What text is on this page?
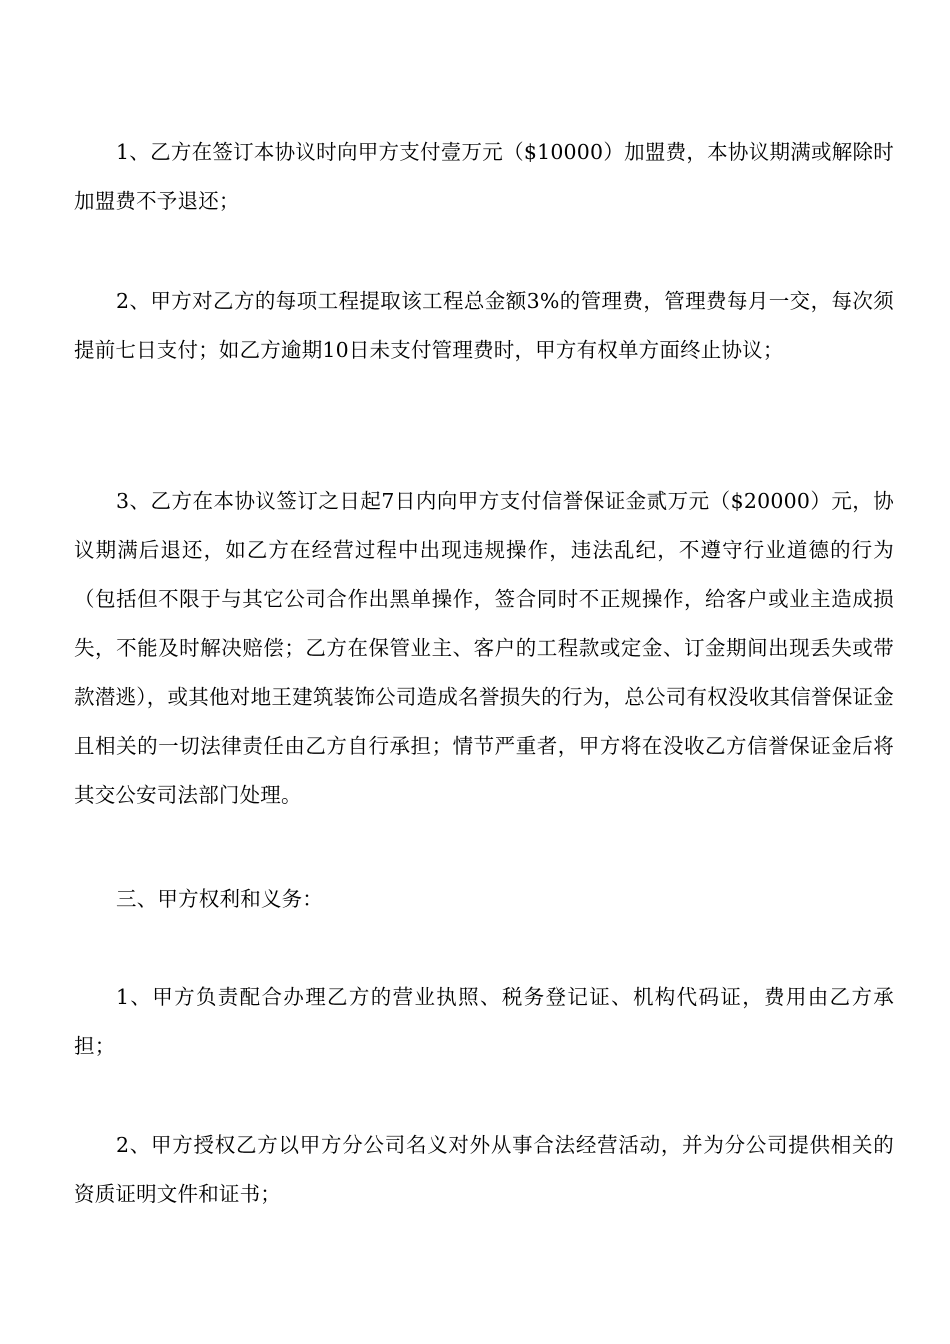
1、乙方在签订本协议时向甲方支付壹万元（$10000）加盟费，本协议期满或解除时加盟费不予退还；

2、甲方对乙方的每项工程提取该工程总金额3%的管理费，管理费每月一交，每次须提前七日支付；如乙方逾期10日未支付管理费时，甲方有权单方面终止协议；

3、乙方在本协议签订之日起7日内向甲方支付信誉保证金贰万元（$20000）元，协议期满后退还，如乙方在经营过程中出现违规操作，违法乱纪，不遵守行业道德的行为（包括但不限于与其它公司合作出黑单操作，签合同时不正规操作，给客户或业主造成损失，不能及时解决赔偿；乙方在保管业主、客户的工程款或定金、订金期间出现丢失或带款潜逃），或其他对地王建筑装饰公司造成名誉损失的行为，总公司有权没收其信誉保证金且相关的一切法律责任由乙方自行承担；情节严重者，甲方将在没收乙方信誉保证金后将其交公安司法部门处理。

三、甲方权利和义务：

1、甲方负责配合办理乙方的营业执照、税务登记证、机构代码证，费用由乙方承担；

2、甲方授权乙方以甲方分公司名义对外从事合法经营活动，并为分公司提供相关的资质证明文件和证书；
